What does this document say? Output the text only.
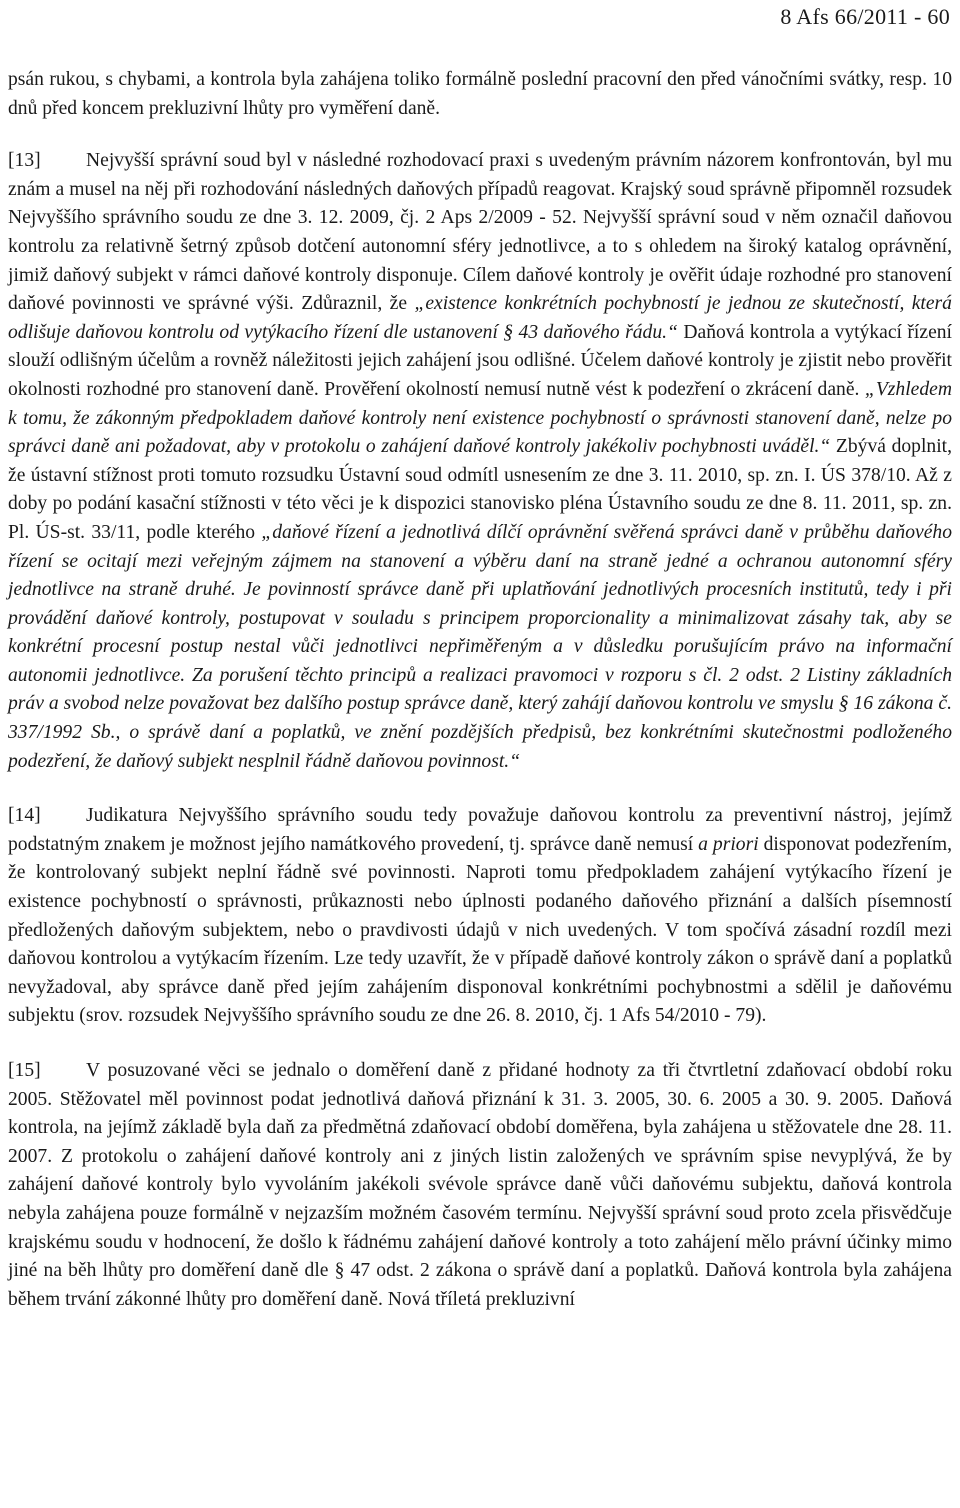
8 Afs 66/2011 - 60

psán rukou, s chybami, a kontrola byla zahájena toliko formálně poslední pracovní den před vánočními svátky, resp. 10 dnů před koncem prekluzivní lhůty pro vyměření daně.

[13] Nejvyšší správní soud byl v následné rozhodovací praxi s uvedeným právním názorem konfrontován, byl mu znám a musel na něj při rozhodování následných daňových případů reagovat. Krajský soud správně připomněl rozsudek Nejvyššího správního soudu ze dne 3. 12. 2009, čj. 2 Aps 2/2009 - 52. Nejvyšší správní soud v něm označil daňovou kontrolu za relativně šetrný způsob dotčení autonomní sféry jednotlivce, a to s ohledem na široký katalog oprávnění, jimiž daňový subjekt v rámci daňové kontroly disponuje. Cílem daňové kontroly je ověřit údaje rozhodné pro stanovení daňové povinnosti ve správné výši. Zdůraznil, že „existence konkrétních pochybností je jednou ze skutečností, která odlišuje daňovou kontrolu od vytýkacího řízení dle ustanovení § 43 daňového řádu.“ Daňová kontrola a vytýkací řízení slouží odlišným účelům a rovněž náležitosti jejich zahájení jsou odlišné. Účelem daňové kontroly je zjistit nebo prověřit okolnosti rozhodné pro stanovení daně. Prověření okolností nemusí nutně vést k podezření o zkrácení daně. „Vzhledem k tomu, že zákonným předpokladem daňové kontroly není existence pochybností o správnosti stanovení daně, nelze po správci daně ani požadovat, aby v protokolu o zahájení daňové kontroly jakékoliv pochybnosti uváděl.“ Zbývá doplnit, že ústavní stížnost proti tomuto rozsudku Ústavní soud odmítl usnesením ze dne 3. 11. 2010, sp. zn. I. ÚS 378/10. Až z doby po podání kasační stížnosti v této věci je k dispozici stanovisko pléna Ústavního soudu ze dne 8. 11. 2011, sp. zn. Pl. ÚS-st. 33/11, podle kterého „daňové řízení a jednotlivá dílčí oprávnění svěřená správci daně v průběhu daňového řízení se ocitají mezi veřejným zájmem na stanovení a výběru daní na straně jedné a ochranou autonomní sféry jednotlivce na straně druhé. Je povinností správce daně při uplatňování jednotlivých procesních institutů, tedy i při provádění daňové kontroly, postupovat v souladu s principem proporcionality a minimalizovat zásahy tak, aby se konkrétní procesní postup nestal vůči jednotlivci nepřiměřeným a v důsledku porušujícím právo na informační autonomii jednotlivce. Za porušení těchto principů a realizaci pravomoci v rozporu s čl. 2 odst. 2 Listiny základních práv a svobod nelze považovat bez dalšího postup správce daně, který zahájí daňovou kontrolu ve smyslu § 16 zákona č. 337/1992 Sb., o správě daní a poplatků, ve znění pozdějších předpisů, bez konkrétními skutečnostmi podloženého podezření, že daňový subjekt nesplnil řádně daňovou povinnost.“

[14] Judikatura Nejvyššího správního soudu tedy považuje daňovou kontrolu za preventivní nástroj, jejímž podstatným znakem je možnost jejího namátkového provedení, tj. správce daně nemusí a priori disponovat podezřením, že kontrolovaný subjekt neplní řádně své povinnosti. Naproti tomu předpokladem zahájení vytýkacího řízení je existence pochybností o správnosti, průkaznosti nebo úplnosti podaného daňového přiznání a dalších písemností předložených daňovým subjektem, nebo o pravdivosti údajů v nich uvedených. V tom spočívá zásadní rozdíl mezi daňovou kontrolou a vytýkacím řízením. Lze tedy uzavřít, že v případě daňové kontroly zákon o správě daní a poplatků nevyžadoval, aby správce daně před jejím zahájením disponoval konkrétními pochybnostmi a sdělil je daňovému subjektu (srov. rozsudek Nejvyššího správního soudu ze dne 26. 8. 2010, čj. 1 Afs 54/2010 - 79).

[15] V posuzované věci se jednalo o doměření daně z přidané hodnoty za tři čtvrtletní zdaňovací období roku 2005. Stěžovatel měl povinnost podat jednotlivá daňová přiznání k 31. 3. 2005, 30. 6. 2005 a 30. 9. 2005. Daňová kontrola, na jejímž základě byla daň za předmětná zdaňovací období doměřena, byla zahájena u stěžovatele dne 28. 11. 2007. Z protokolu o zahájení daňové kontroly ani z jiných listin založených ve správním spise nevyplývá, že by zahájení daňové kontroly bylo vyvoláním jakékoli svévole správce daně vůči daňovému subjektu, daňová kontrola nebyla zahájena pouze formálně v nejzazším možném časovém termínu. Nejvyšší správní soud proto zcela přisvědčuje krajskému soudu v hodnocení, že došlo k řádnému zahájení daňové kontroly a toto zahájení mělo právní účinky mimo jiné na běh lhůty pro doměření daně dle § 47 odst. 2 zákona o správě daní a poplatků. Daňová kontrola byla zahájena během trvání zákonné lhůty pro doměření daně. Nová tříletá prekluzivní
